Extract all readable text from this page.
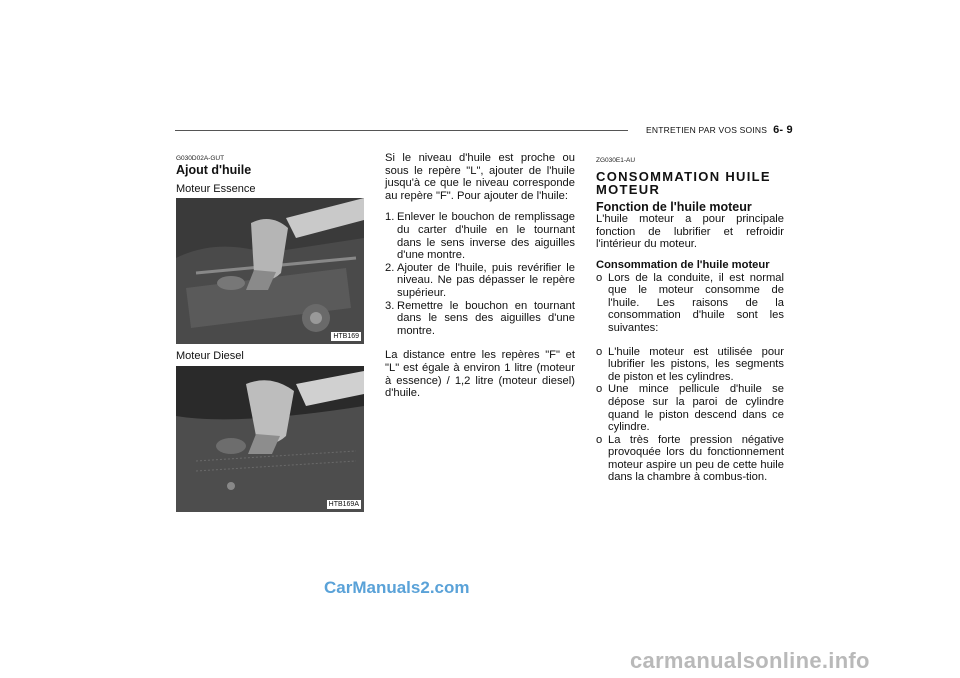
ENTRETIEN PAR VOS SOINS 6- 9
G030D02A-GUT
Ajout d'huile
Moteur Essence
HTB169
Moteur Diesel
HTB169A

Si le niveau d'huile est proche ou sous le repère "L", ajouter de l'huile jusqu'à ce que le niveau corresponde au repère "F". Pour ajouter de l'huile:

1. Enlever le bouchon de remplissage du carter d'huile en le tournant dans le sens inverse des aiguilles d'une montre.
2. Ajouter de l'huile, puis revérifier le niveau. Ne pas dépasser le repère supérieur.
3. Remettre le bouchon en tournant dans le sens des aiguilles d'une montre.

La distance entre les repères "F" et "L" est égale à environ 1 litre (moteur à essence) / 1,2 litre (moteur diesel) d'huile.

ZG030E1-AU
CONSOMMATION HUILE MOTEUR
Fonction de l'huile moteur

L'huile moteur a pour principale fonction de lubrifier et refroidir l'intérieur du moteur.

Consommation de l'huile moteur
o Lors de la conduite, il est normal que le moteur consomme de l'huile. Les raisons de la consommation d'huile sont les suivantes:
o L'huile moteur est utilisée pour lubrifier les pistons, les segments de piston et les cylindres.
o Une mince pellicule d'huile se dépose sur la paroi de cylindre quand le piston descend dans ce cylindre.
o La très forte pression négative provoquée lors du fonctionnement moteur aspire un peu de cette huile dans la chambre à combus-tion.
CarManuals2.com
carmanualsonline.info
